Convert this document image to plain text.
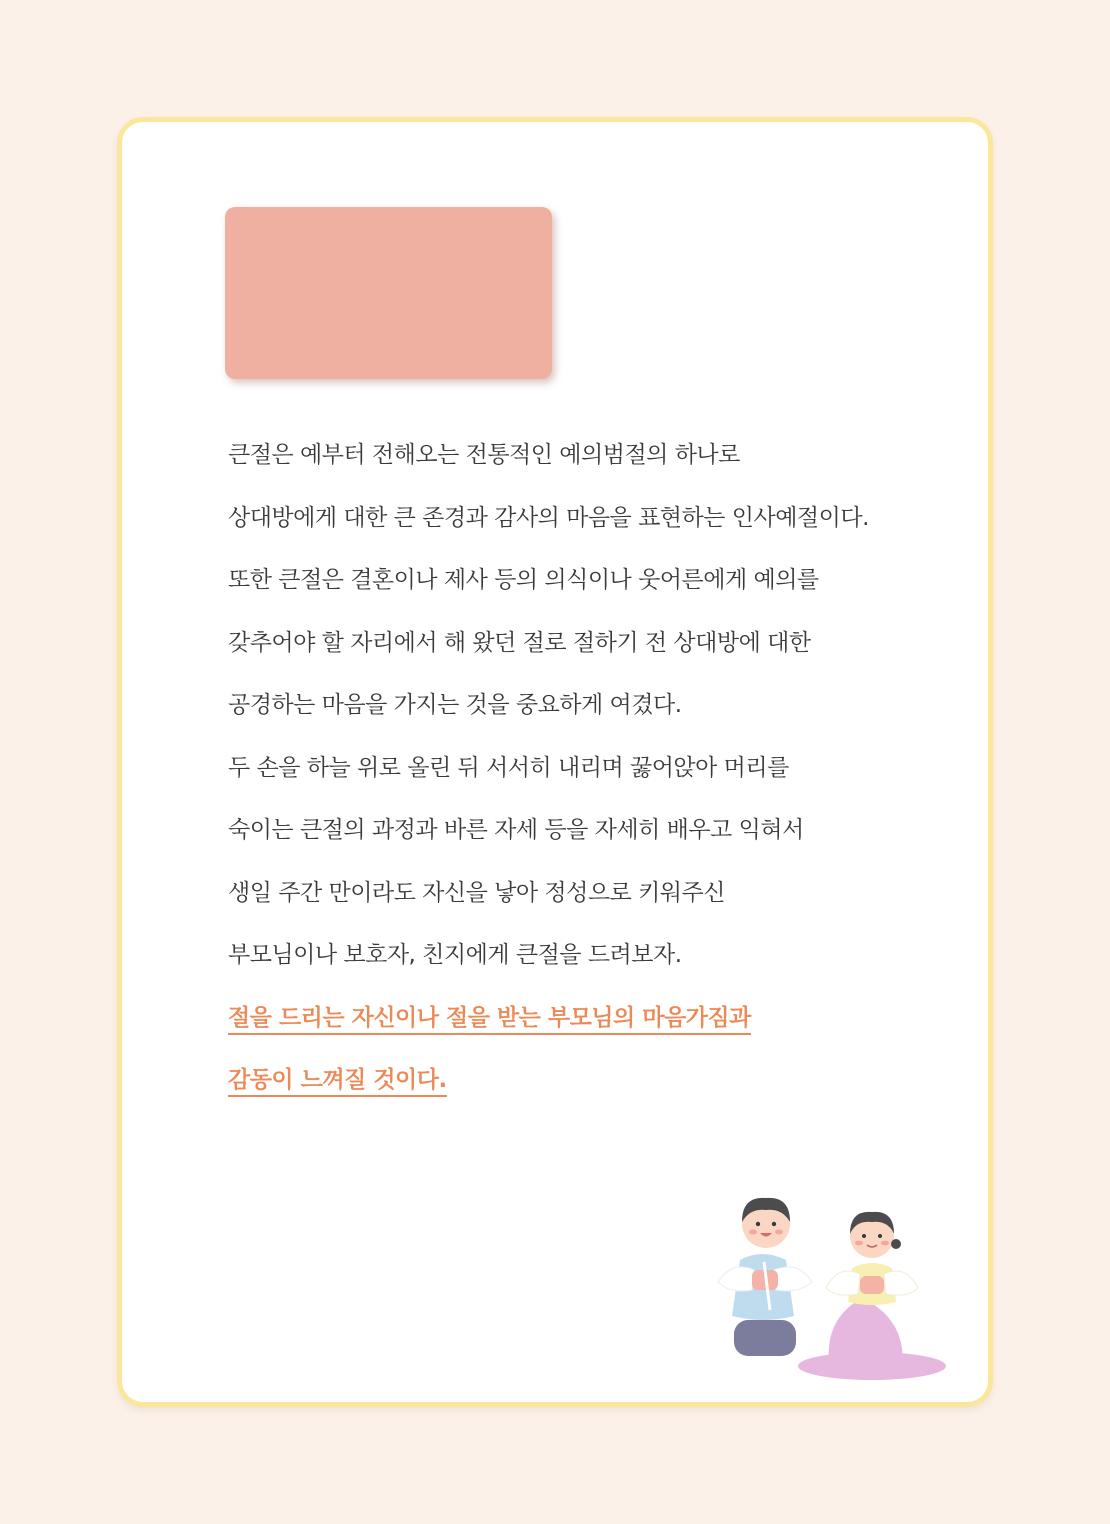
큰절은 예부터 전해오는 전통적인 예의범절의 하나로
상대방에게 대한 큰 존경과 감사의 마음을 표현하는 인사예절이다.
또한 큰절은 결혼이나 제사 등의 의식이나 웃어른에게 예의를
갖추어야 할 자리에서 해 왔던 절로 절하기 전 상대방에 대한
공경하는 마음을 가지는 것을 중요하게 여겼다.
두 손을 하늘 위로 올린 뒤 서서히 내리며 꿇어앉아 머리를
숙이는 큰절의 과정과 바른 자세 등을 자세히 배우고 익혀서
생일 주간 만이라도 자신을 낳아 정성으로 키워주신
부모님이나 보호자, 친지에게 큰절을 드려보자.
절을 드리는 자신이나 절을 받는 부모님의 마음가짐과
감동이 느껴질 것이다.
